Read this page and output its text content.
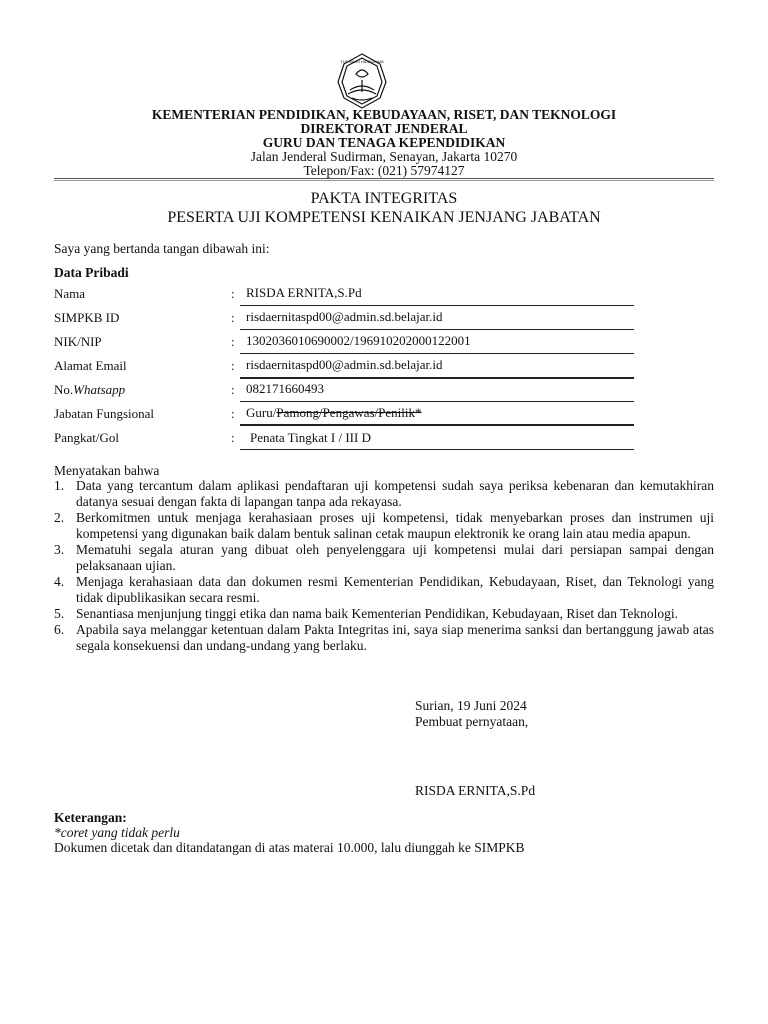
TUT WURI HANDAYANI
KEMENTERIAN PENDIDIKAN, KEBUDAYAAN, RISET, DAN TEKNOLOGI
DIREKTORAT JENDERAL
GURU DAN TENAGA KEPENDIDIKAN
Jalan Jenderal Sudirman, Senayan, Jakarta 10270
Telepon/Fax: (021) 57974127
PAKTA INTEGRITAS
PESERTA UJI KOMPETENSI KENAIKAN JENJANG JABATAN
Saya yang bertanda tangan dibawah ini:
Data Pribadi
Nama	: RISDA ERNITA,S.Pd
SIMPKB ID	: risdaernitaspd00@admin.sd.belajar.id
NIK/NIP	: 1302036010690002/196910202000122001
Alamat Email	: risdaernitaspd00@admin.sd.belajar.id
No.Whatsapp	: 082171660493
Jabatan Fungsional	: Guru/Pamong/Pengawas/Penilik*
Pangkat/Gol	: Penata Tingkat I / III D
Menyatakan bahwa
1. Data yang tercantum dalam aplikasi pendaftaran uji kompetensi sudah saya periksa kebenaran dan kemutakhiran datanya sesuai dengan fakta di lapangan tanpa ada rekayasa.
2. Berkomitmen untuk menjaga kerahasiaan proses uji kompetensi, tidak menyebarkan proses dan instrumen uji kompetensi yang digunakan baik dalam bentuk salinan cetak maupun elektronik ke orang lain atau media apapun.
3. Mematuhi segala aturan yang dibuat oleh penyelenggara uji kompetensi mulai dari persiapan sampai dengan pelaksanaan ujian.
4. Menjaga kerahasiaan data dan dokumen resmi Kementerian Pendidikan, Kebudayaan, Riset, dan Teknologi yang tidak dipublikasikan secara resmi.
5. Senantiasa menjunjung tinggi etika dan nama baik Kementerian Pendidikan, Kebudayaan, Riset dan Teknologi.
6. Apabila saya melanggar ketentuan dalam Pakta Integritas ini, saya siap menerima sanksi dan bertanggung jawab atas segala konsekuensi dan undang-undang yang berlaku.
Surian, 19 Juni 2024
Pembuat pernyataan,
RISDA ERNITA,S.Pd
Keterangan:
*coret yang tidak perlu
Dokumen dicetak dan ditandatangan di atas materai 10.000, lalu diunggah ke SIMPKB
